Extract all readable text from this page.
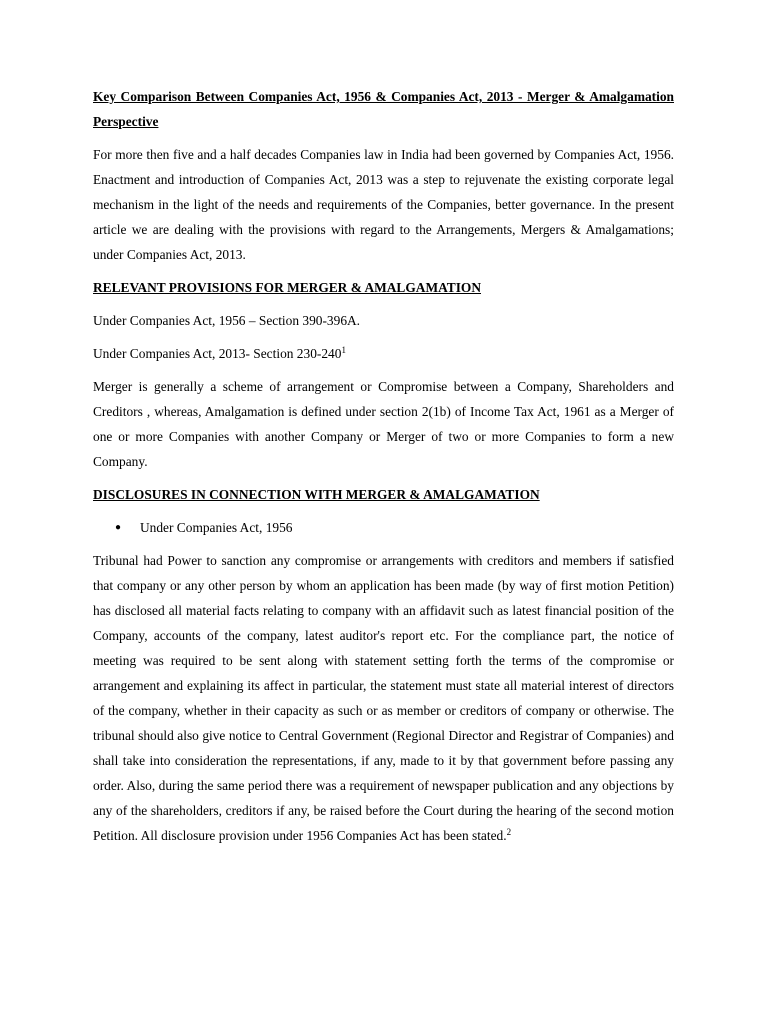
Key Comparison Between Companies Act, 1956 & Companies Act, 2013 - Merger & Amalgamation Perspective

For more then five and a half decades Companies law in India had been governed by Companies Act, 1956. Enactment and introduction of Companies Act, 2013 was a step to rejuvenate the existing corporate legal mechanism in the light of the needs and requirements of the Companies, better governance. In the present article we are dealing with the provisions with regard to the Arrangements, Mergers & Amalgamations; under Companies Act, 2013.

RELEVANT PROVISIONS FOR MERGER & AMALGAMATION

Under Companies Act, 1956 – Section 390-396A.

Under Companies Act, 2013- Section $230-240^1$

Merger is generally a scheme of arrangement or Compromise between a Company, Shareholders and Creditors , whereas, Amalgamation is defined under section 2(1b) of Income Tax Act, 1961 as a Merger of one or more Companies with another Company or Merger of two or more Companies to form a new Company.

DISCLOSURES IN CONNECTION WITH MERGER & AMALGAMATION

●	Under Companies Act, 1956

Tribunal had Power to sanction any compromise or arrangements with creditors and members if satisfied that company or any other person by whom an application has been made (by way of first motion Petition) has disclosed all material facts relating to company with an affidavit such as latest financial position of the Company, accounts of the company, latest auditor's report etc. For the compliance part, the notice of meeting was required to be sent along with statement setting forth the terms of the compromise or arrangement and explaining its affect in particular, the statement must state all material interest of directors of the company, whether in their capacity as such or as member or creditors of company or otherwise. The tribunal should also give notice to Central Government (Regional Director and Registrar of Companies) and shall take into consideration the representations, if any, made to it by that government before passing any order. Also, during the same period there was a requirement of newspaper publication and any objections by any of the shareholders, creditors if any, be raised before the Court during the hearing of the second motion Petition. All disclosure provision under 1956 Companies Act has been stated.$^2$
